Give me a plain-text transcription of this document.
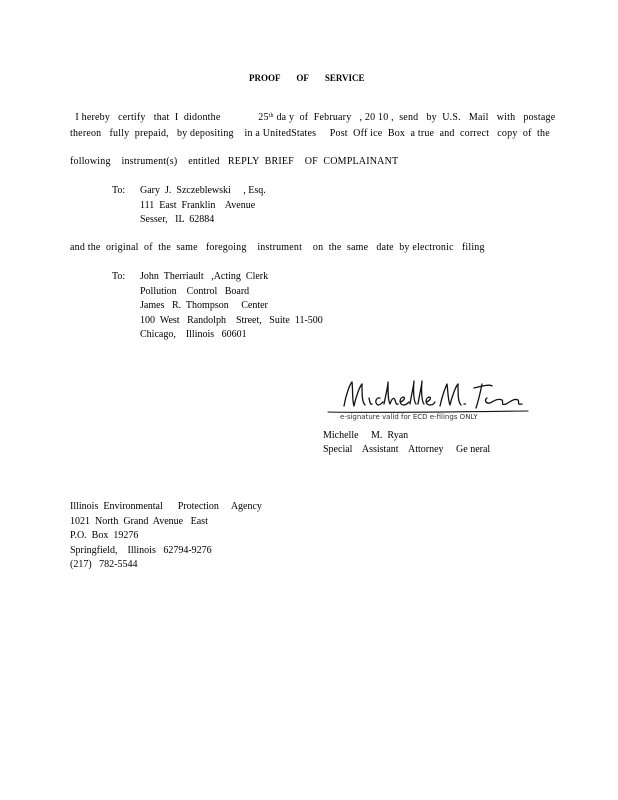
PROOF OF SERVICE

I hereby   certify   that  I  didonthe              25th da y  of  February   , 20 10 ,  send   by  U.S.   Mail   with   postage

thereon   fully  prepaid,   by depositing    in a UnitedStates     Post  Off ice  Box  a true  and  correct   copy  of  the
following    instrument(s)    entitled   REPLY  BRIEF    OF  COMPLAINANT
To: Gary  J.  Szczeblewski     , Esq.
111  East  Franklin    Avenue
Sesser,   IL  62884
and the  original  of  the  same   foregoing    instrument    on  the  same   date  by electronic   filing
To: John  Therriault   ,Acting  Clerk
Pollution    Control   Board
James   R.  Thompson     Center
100  West   Randolph    Street,   Suite  11-500
Chicago,    Illinois   60601
e-signature valid for ECD e-filings ONLY
Michelle     M.  Ryan
Special    Assistant    Attorney     Ge neral
Illinois  Environmental      Protection     Agency
1021  North  Grand  Avenue   East
P.O.  Box  19276
Springfield,    Illinois   62794-9276
(217)   782-5544
